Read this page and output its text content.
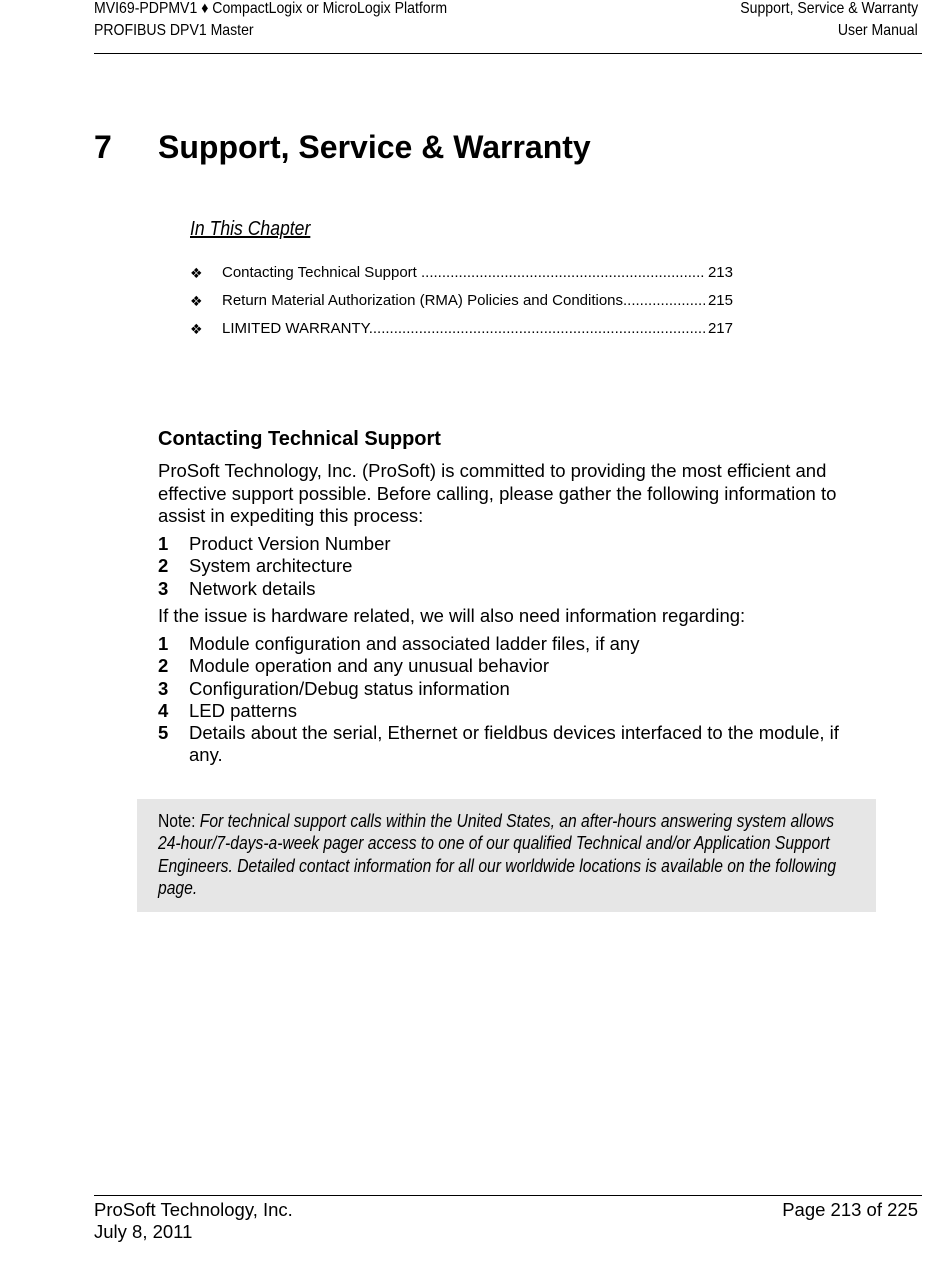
MVI69-PDPMV1 ♦ CompactLogix or MicroLogix Platform
PROFIBUS DPV1 Master
Support, Service & Warranty
User Manual
7 Support, Service & Warranty
In This Chapter
❖ Contacting Technical Support .....	213
❖ Return Material Authorization (RMA) Policies and Conditions .....	215
❖ LIMITED WARRANTY .....	217
Contacting Technical Support
ProSoft Technology, Inc. (ProSoft) is committed to providing the most efficient and effective support possible. Before calling, please gather the following information to assist in expediting this process:
1 Product Version Number
2 System architecture
3 Network details
If the issue is hardware related, we will also need information regarding:
1 Module configuration and associated ladder files, if any
2 Module operation and any unusual behavior
3 Configuration/Debug status information
4 LED patterns
5 Details about the serial, Ethernet or fieldbus devices interfaced to the module, if any.
Note: For technical support calls within the United States, an after-hours answering system allows 24-hour/7-days-a-week pager access to one of our qualified Technical and/or Application Support Engineers. Detailed contact information for all our worldwide locations is available on the following page.
ProSoft Technology, Inc.
July 8, 2011
Page 213 of 225
